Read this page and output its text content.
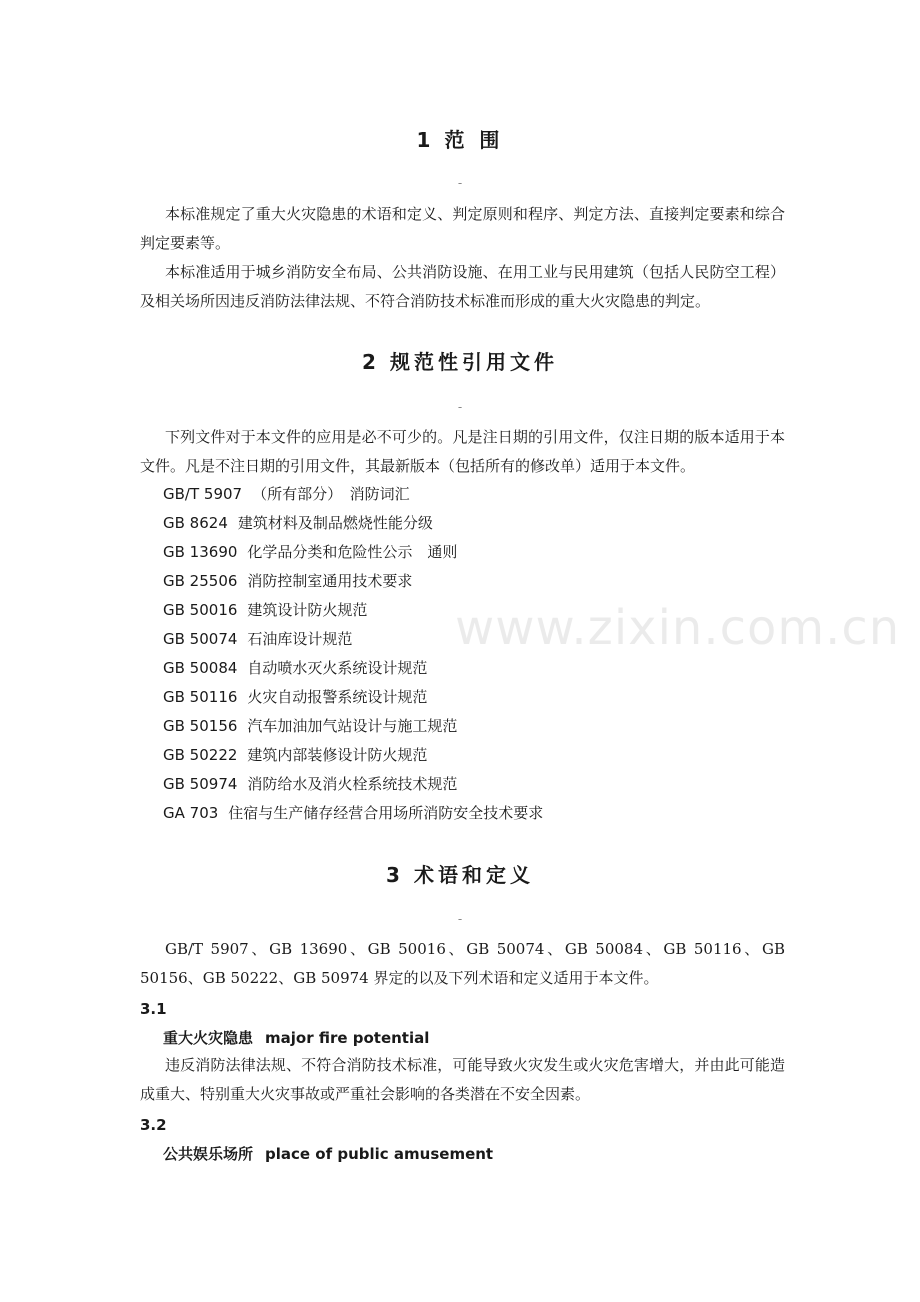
1 范 围
-

本标准规定了重大火灾隐患的术语和定义、判定原则和程序、判定方法、直接判定要素和综合判定要素等。

本标准适用于城乡消防安全布局、公共消防设施、在用工业与民用建筑（包括人民防空工程）及相关场所因违反消防法律法规、不符合消防技术标准而形成的重大火灾隐患的判定。

2 规范性引用文件
-

下列文件对于本文件的应用是必不可少的。凡是注日期的引用文件，仅注日期的版本适用于本文件。凡是不注日期的引用文件，其最新版本（包括所有的修改单）适用于本文件。

GB/T 5907 （所有部分）　消防词汇
GB 8624 建筑材料及制品燃烧性能分级
GB 13690 化学品分类和危险性公示　通则
GB 25506 消防控制室通用技术要求
GB 50016 建筑设计防火规范
GB 50074 石油库设计规范
GB 50084 自动喷水灭火系统设计规范
GB 50116 火灾自动报警系统设计规范
GB 50156 汽车加油加气站设计与施工规范
GB 50222 建筑内部装修设计防火规范
GB 50974 消防给水及消火栓系统技术规范
GA 703 住宿与生产储存经营合用场所消防安全技术要求
3 术语和定义
-

GB/T 5907、GB 13690、GB 50016、GB 50074、GB 50084、GB 50116、GB 50156、GB 50222、GB 50974 界定的以及下列术语和定义适用于本文件。

3.1
重大火灾隐患 major fire potential

违反消防法律法规、不符合消防技术标准，可能导致火灾发生或火灾危害增大，并由此可能造成重大、特别重大火灾事故或严重社会影响的各类潜在不安全因素。

3.2
公共娱乐场所 place of public amusement
www.zixin.com.cn
